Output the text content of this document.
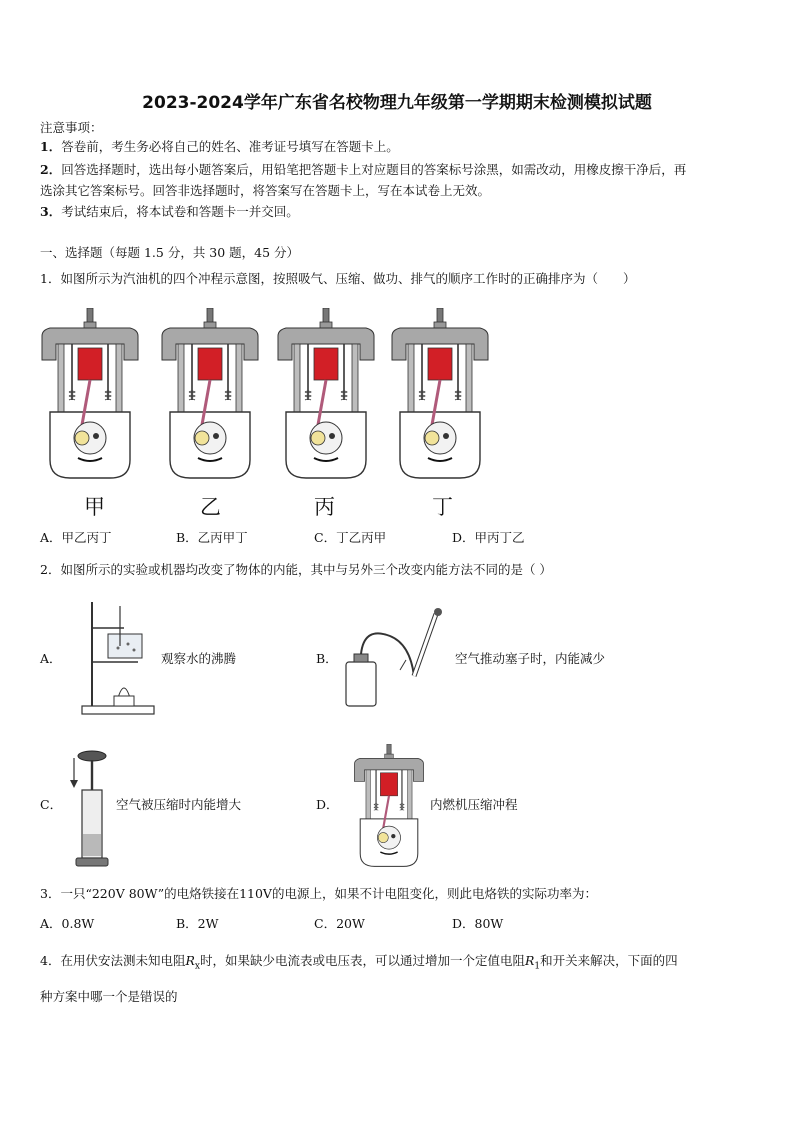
2023-2024学年广东省名校物理九年级第一学期期末检测模拟试题
注意事项：
1．答卷前，考生务必将自己的姓名、准考证号填写在答题卡上。
2．回答选择题时，选出每小题答案后，用铅笔把答题卡上对应题目的答案标号涂黑，如需改动，用橡皮擦干净后，再
选涂其它答案标号。回答非选择题时，将答案写在答题卡上，写在本试卷上无效。
3．考试结束后，将本试卷和答题卡一并交回。
一、选择题（每题 1.5 分，共 30 题，45 分）
1．如图所示为汽油机的四个冲程示意图，按照吸气、压缩、做功、排气的顺序工作时的正确排序为（　　）
甲	乙	丙	丁
A．甲乙丙丁	B．乙丙甲丁	C．丁乙丙甲	D．甲丙丁乙
2．如图所示的实验或机器均改变了物体的内能，其中与另外三个改变内能方法不同的是（ ）
A．	观察水的沸腾	B．	空气推动塞子时，内能减少
C．	空气被压缩时内能增大	D．	内燃机压缩冲程
3．一只“220V 80W”的电烙铁接在110V的电源上，如果不计电阻变化，则此电烙铁的实际功率为：
A．0.8W	B．2W	C．20W	D．80W
4．在用伏安法测未知电阻$R_x$时，如果缺少电流表或电压表，可以通过增加一个定值电阻$R_1$和开关来解决，下面的四
种方案中哪一个是错误的
